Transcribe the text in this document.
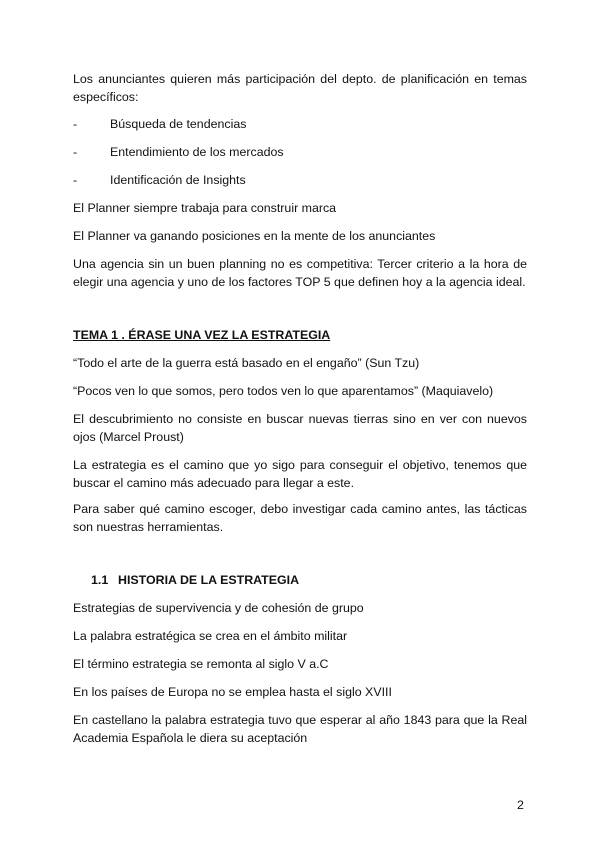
Los anunciantes quieren más participación del depto. de planificación en temas específicos:

-	Búsqueda de tendencias
-	Entendimiento de los mercados
-	Identificación de Insights

El Planner siempre trabaja para construir marca

El Planner va ganando posiciones en la mente de los anunciantes

Una agencia sin un buen planning no es competitiva: Tercer criterio a la hora de elegir una agencia y uno de los factores TOP 5 que definen hoy a la agencia ideal.

TEMA 1 . ÉRASE UNA VEZ LA ESTRATEGIA

“Todo el arte de la guerra está basado en el engaño” (Sun Tzu)

“Pocos ven lo que somos, pero todos ven lo que aparentamos” (Maquiavelo)

El descubrimiento no consiste en buscar nuevas tierras sino en ver con nuevos ojos (Marcel Proust)

La estrategia es el camino que yo sigo para conseguir el objetivo, tenemos que buscar el camino más adecuado para llegar a este.

Para saber qué camino escoger, debo investigar cada camino antes, las tácticas son nuestras herramientas.

1.1 HISTORIA DE LA ESTRATEGIA

Estrategias de supervivencia y de cohesión de grupo

La palabra estratégica se crea en el ámbito militar

El término estrategia se remonta al siglo V a.C

En los países de Europa no se emplea hasta el siglo XVIII

En castellano la palabra estrategia tuvo que esperar al año 1843 para que la Real Academia Española le diera su aceptación

2
